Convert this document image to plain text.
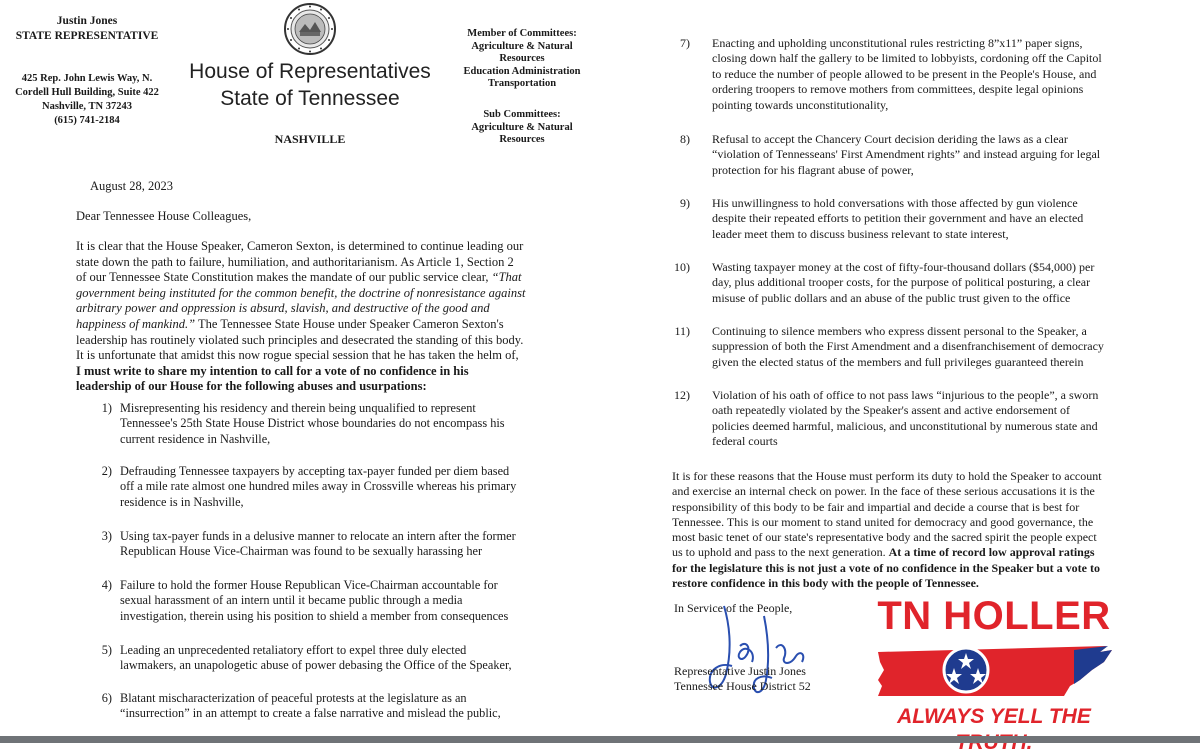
Justin Jones
STATE REPRESENTATIVE
425 Rep. John Lewis Way, N.
Cordell Hull Building, Suite 422
Nashville, TN 37243
(615) 741-2184
House of Representatives
State of Tennessee
NASHVILLE
Member of Committees:
Agriculture & Natural
Resources
Education Administration
Transportation
Sub Committees:
Agriculture & Natural
Resources
August 28, 2023
Dear Tennessee House Colleagues,
It is clear that the House Speaker, Cameron Sexton, is determined to continue leading our
state down the path to failure, humiliation, and authoritarianism. As Article 1, Section 2
of our Tennessee State Constitution makes the mandate of our public service clear, “That
government being instituted for the common benefit, the doctrine of nonresistance against
arbitrary power and oppression is absurd, slavish, and destructive of the good and
happiness of mankind.” The Tennessee State House under Speaker Cameron Sexton's
leadership has routinely violated such principles and desecrated the standing of this body.
It is unfortunate that amidst this now rogue special session that he has taken the helm of,
I must write to share my intention to call for a vote of no confidence in his
leadership of our House for the following abuses and usurpations:
1) Misrepresenting his residency and therein being unqualified to represent
Tennessee's 25th State House District whose boundaries do not encompass his
current residence in Nashville,
2) Defrauding Tennessee taxpayers by accepting tax-payer funded per diem based
off a mile rate almost one hundred miles away in Crossville whereas his primary
residence is in Nashville,
3) Using tax-payer funds in a delusive manner to relocate an intern after the former
Republican House Vice-Chairman was found to be sexually harassing her
4) Failure to hold the former House Republican Vice-Chairman accountable for
sexual harassment of an intern until it became public through a media
investigation, therein using his position to shield a member from consequences
5) Leading an unprecedented retaliatory effort to expel three duly elected
lawmakers, an unapologetic abuse of power debasing the Office of the Speaker,
6) Blatant mischaracterization of peaceful protests at the legislature as an
“insurrection” in an attempt to create a false narrative and mislead the public,
7) Enacting and upholding unconstitutional rules restricting 8”x11” paper signs,
closing down half the gallery to be limited to lobbyists, cordoning off the Capitol
to reduce the number of people allowed to be present in the People's House, and
ordering troopers to remove mothers from committees, despite legal opinions
pointing towards unconstitutionality,
8) Refusal to accept the Chancery Court decision deriding the laws as a clear
“violation of Tennesseans' First Amendment rights” and instead arguing for legal
protection for his flagrant abuse of power,
9) His unwillingness to hold conversations with those affected by gun violence
despite their repeated efforts to petition their government and have an elected
leader meet them to discuss business relevant to state interest,
10) Wasting taxpayer money at the cost of fifty-four-thousand dollars ($54,000) per
day, plus additional trooper costs, for the purpose of political posturing, a clear
misuse of public dollars and an abuse of the public trust given to the office
11) Continuing to silence members who express dissent personal to the Speaker, a
suppression of both the First Amendment and a disenfranchisement of democracy
given the elected status of the members and full privileges guaranteed therein
12) Violation of his oath of office to not pass laws “injurious to the people”, a sworn
oath repeatedly violated by the Speaker's assent and active endorsement of
policies deemed harmful, malicious, and unconstitutional by numerous state and
federal courts
It is for these reasons that the House must perform its duty to hold the Speaker to account
and exercise an internal check on power. In the face of these serious accusations it is the
responsibility of this body to be fair and impartial and decide a course that is best for
Tennessee. This is our moment to stand united for democracy and good governance, the
most basic tenet of our state's representative body and the sacred spirit the people expect
us to uphold and pass to the next generation. At a time of record low approval ratings
for the legislature this is not just a vote of no confidence in the Speaker but a vote to
restore confidence in this body with the people of Tennessee.
In Service of the People,
Representative Justin Jones
Tennessee House District 52
TN HOLLER
ALWAYS YELL THE
